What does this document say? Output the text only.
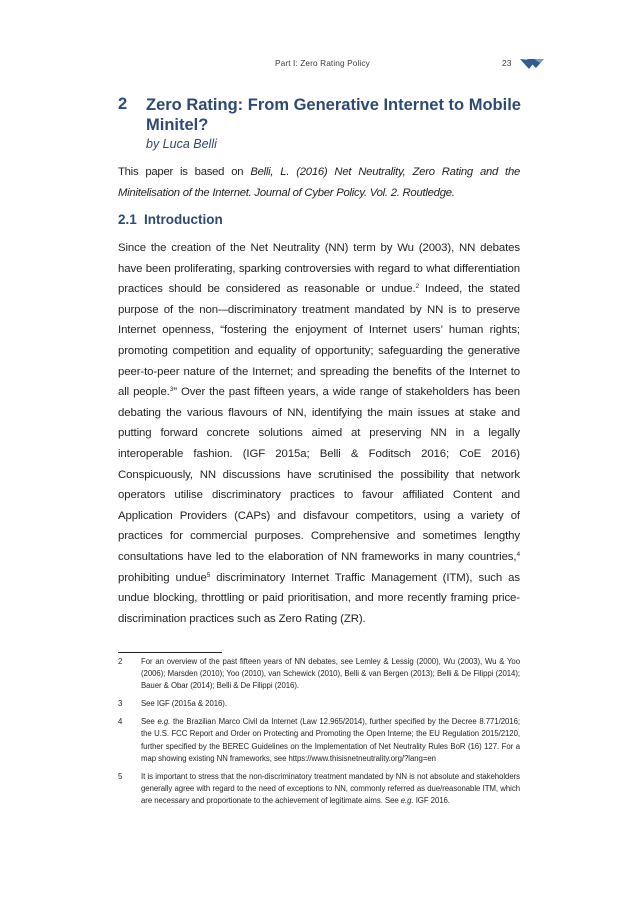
Part I: Zero Rating Policy	23
2 Zero Rating: From Generative Internet to Mobile Minitel?
by Luca Belli
This paper is based on Belli, L. (2016) Net Neutrality, Zero Rating and the Minitelisation of the Internet. Journal of Cyber Policy. Vol. 2. Routledge.
2.1 Introduction
Since the creation of the Net Neutrality (NN) term by Wu (2003), NN debates have been proliferating, sparking controversies with regard to what differentiation practices should be considered as reasonable or undue.$^2$ Indeed, the stated purpose of the non-–discriminatory treatment mandated by NN is to preserve Internet openness, “fostering the enjoyment of Internet users’ human rights; promoting competition and equality of opportunity; safeguarding the generative peer-to-peer nature of the Internet; and spreading the benefits of the Internet to all people.$^3$” Over the past fifteen years, a wide range of stakeholders has been debating the various flavours of NN, identifying the main issues at stake and putting forward concrete solutions aimed at preserving NN in a legally interoperable fashion. (IGF 2015a; Belli & Foditsch 2016; CoE 2016) Conspicuously, NN discussions have scrutinised the possibility that network operators utilise discriminatory practices to favour affiliated Content and Application Providers (CAPs) and disfavour competitors, using a variety of practices for commercial purposes. Comprehensive and sometimes lengthy consultations have led to the elaboration of NN frameworks in many countries,$^4$ prohibiting undue$^5$ discriminatory Internet Traffic Management (ITM), such as undue blocking, throttling or paid prioritisation, and more recently framing price-discrimination practices such as Zero Rating (ZR).
2 For an overview of the past fifteen years of NN debates, see Lemley & Lessig (2000), Wu (2003), Wu & Yoo (2006); Marsden (2010); Yoo (2010), van Schewick (2010), Belli & van Bergen (2013); Belli & De Filippi (2014); Bauer & Obar (2014); Belli & De Filippi (2016).
3 See IGF (2015a & 2016).
4 See e.g. the Brazilian Marco Civil da Internet (Law 12.965/2014), further specified by the Decree 8.771/2016; the U.S. FCC Report and Order on Protecting and Promoting the Open Interne; the EU Regulation 2015/2120, further specified by the BEREC Guidelines on the Implementation of Net Neutrality Rules BoR (16) 127. For a map showing existing NN frameworks, see https://www.thisisnetneutrality.org/?lang=en
5 It is important to stress that the non-discriminatory treatment mandated by NN is not absolute and stakeholders generally agree with regard to the need of exceptions to NN, commonly referred as due/reasonable ITM, which are necessary and proportionate to the achievement of legitimate aims. See e.g. IGF 2016.
